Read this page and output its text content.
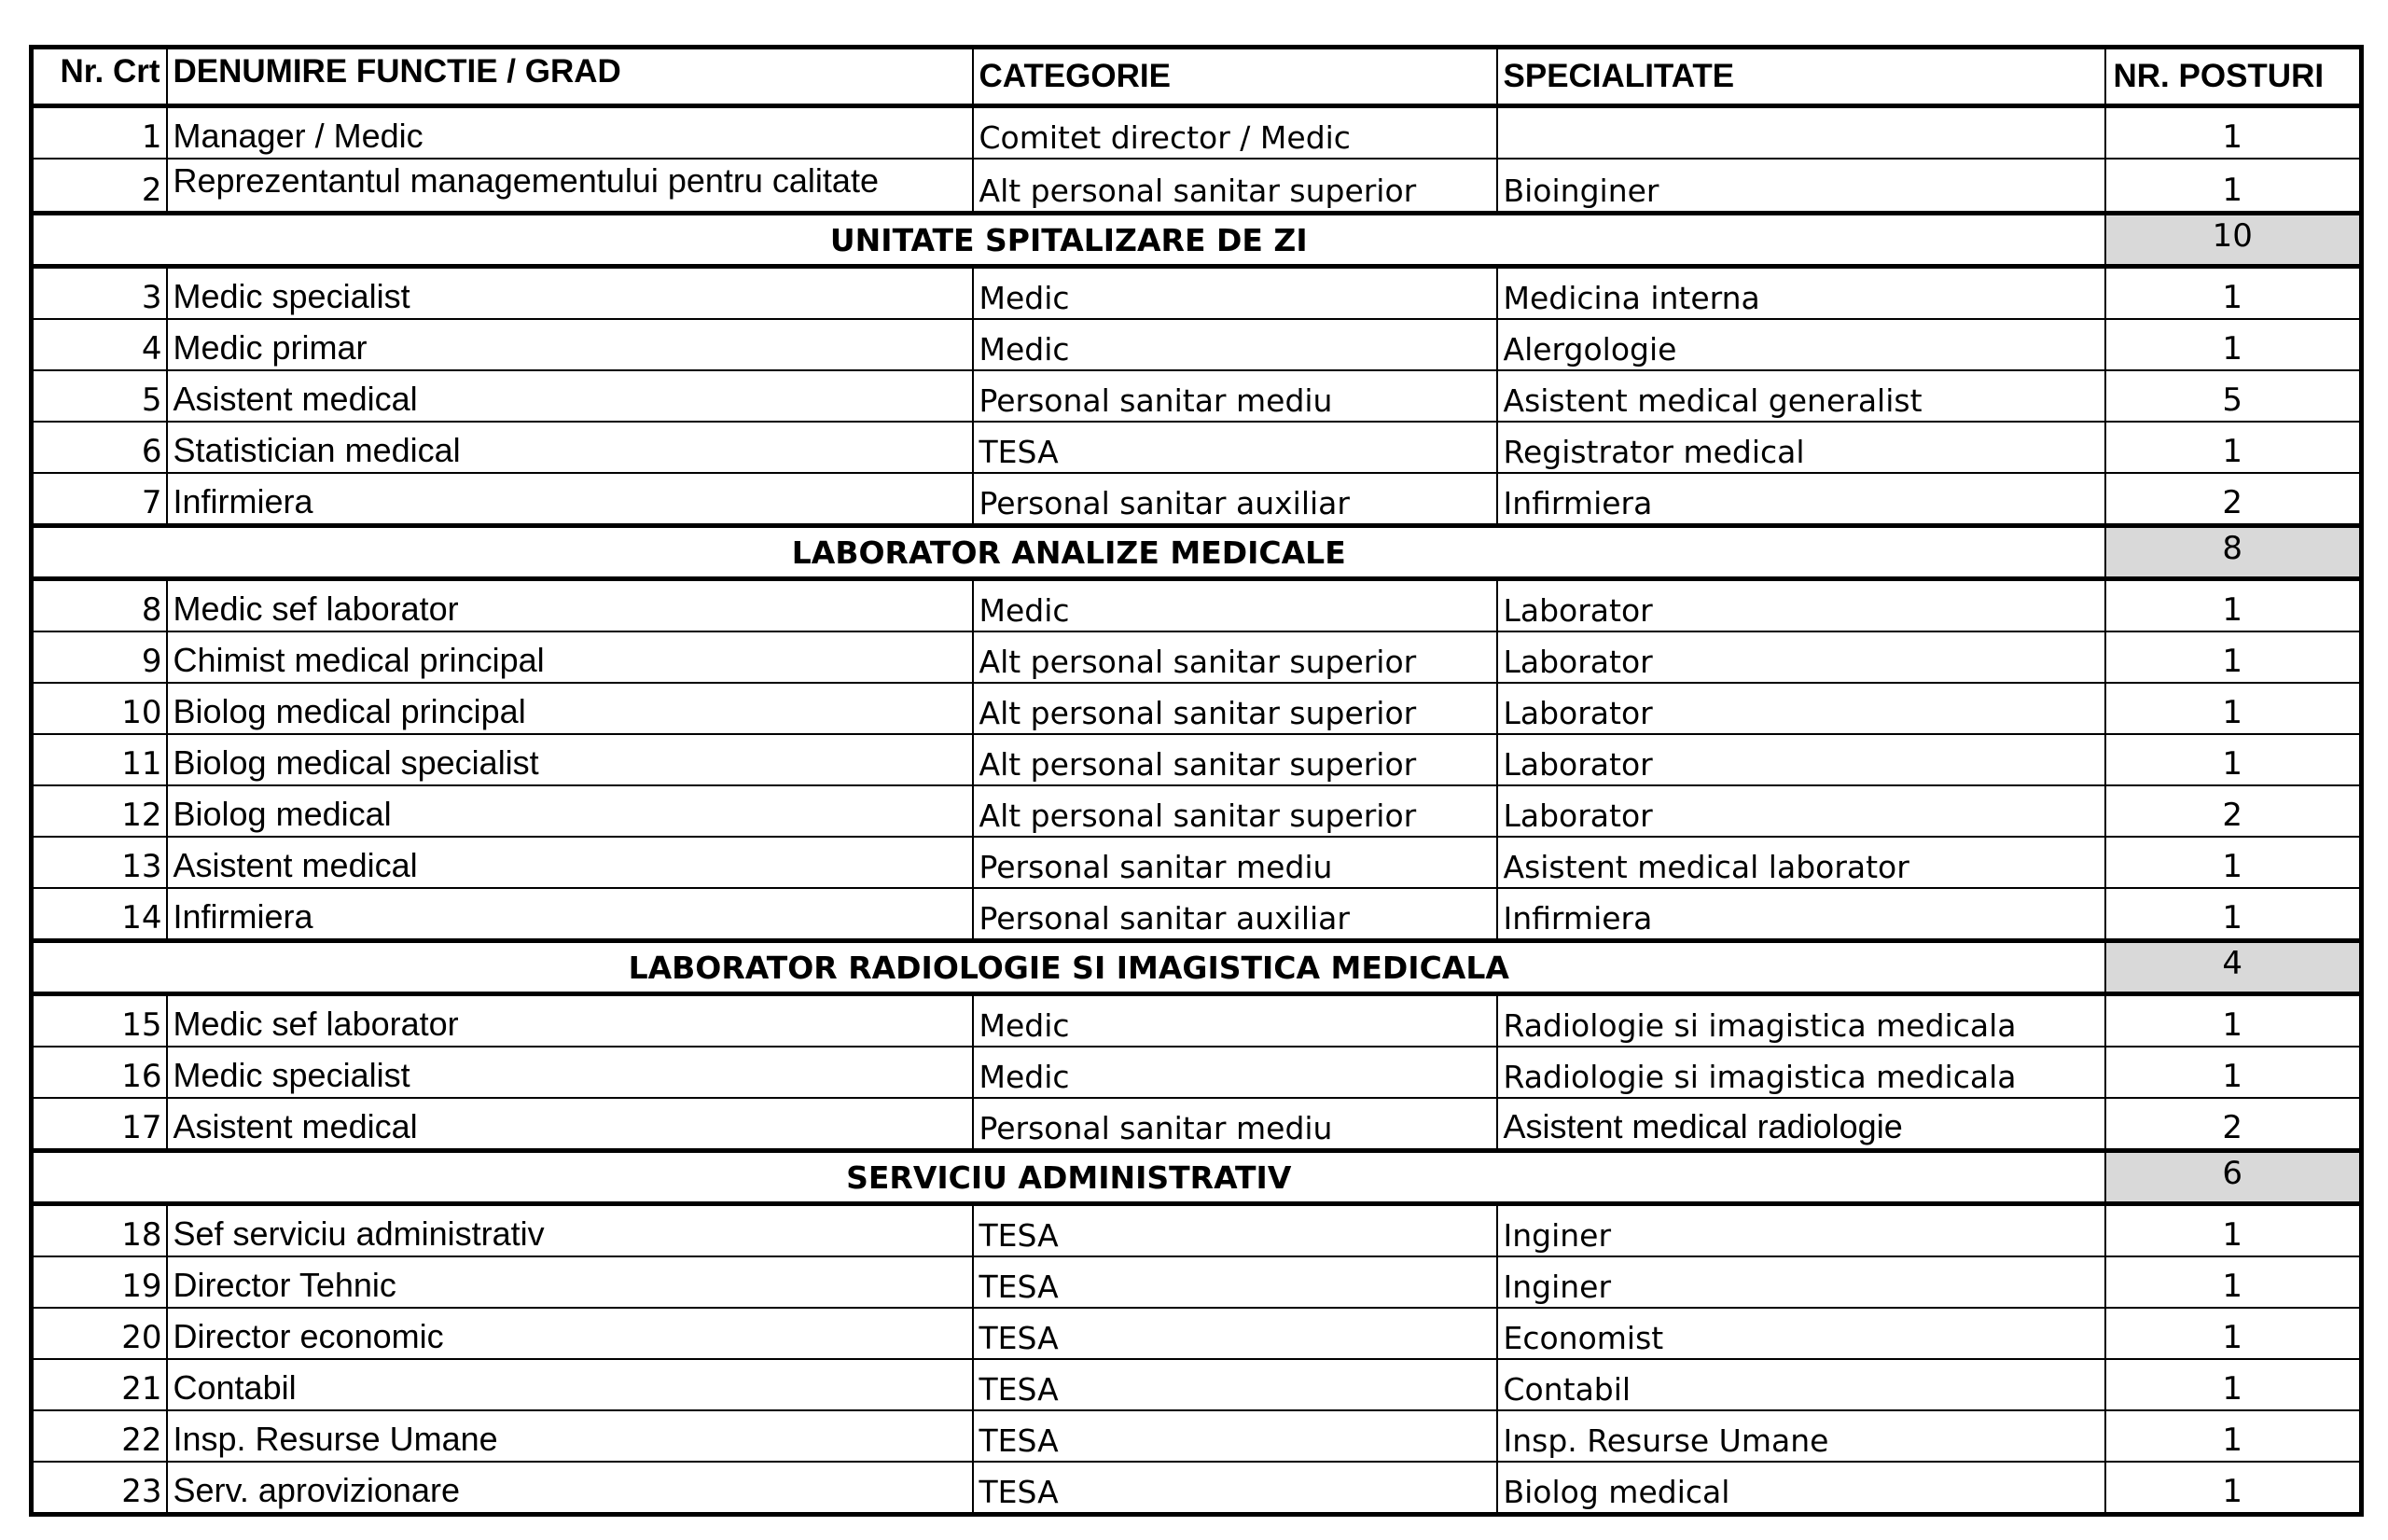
Nr. Crt	DENUMIRE FUNCTIE / GRAD	CATEGORIE	SPECIALITATE	NR. POSTURI
1	Manager / Medic	Comitet director / Medic		1
2	Reprezentantul managementului pentru calitate	Alt personal sanitar superior	Bioinginer	1
UNITATE SPITALIZARE DE ZI				10
3	Medic specialist	Medic	Medicina interna	1
4	Medic primar	Medic	Alergologie	1
5	Asistent medical	Personal sanitar mediu	Asistent medical generalist	5
6	Statistician medical	TESA	Registrator medical	1
7	Infirmiera	Personal sanitar auxiliar	Infirmiera	2
LABORATOR ANALIZE MEDICALE				8
8	Medic sef laborator	Medic	Laborator	1
9	Chimist medical principal	Alt personal sanitar superior	Laborator	1
10	Biolog medical principal	Alt personal sanitar superior	Laborator	1
11	Biolog medical specialist	Alt personal sanitar superior	Laborator	1
12	Biolog medical	Alt personal sanitar superior	Laborator	2
13	Asistent medical	Personal sanitar mediu	Asistent medical laborator	1
14	Infirmiera	Personal sanitar auxiliar	Infirmiera	1
LABORATOR RADIOLOGIE SI IMAGISTICA MEDICALA				4
15	Medic sef laborator	Medic	Radiologie si imagistica medicala	1
16	Medic specialist	Medic	Radiologie si imagistica medicala	1
17	Asistent medical	Personal sanitar mediu	Asistent medical radiologie	2
SERVICIU ADMINISTRATIV				6
18	Sef serviciu administrativ	TESA	Inginer	1
19	Director Tehnic	TESA	Inginer	1
20	Director economic	TESA	Economist	1
21	Contabil	TESA	Contabil	1
22	Insp. Resurse Umane	TESA	Insp. Resurse Umane	1
23	Serv. aprovizionare	TESA	Biolog medical	1
